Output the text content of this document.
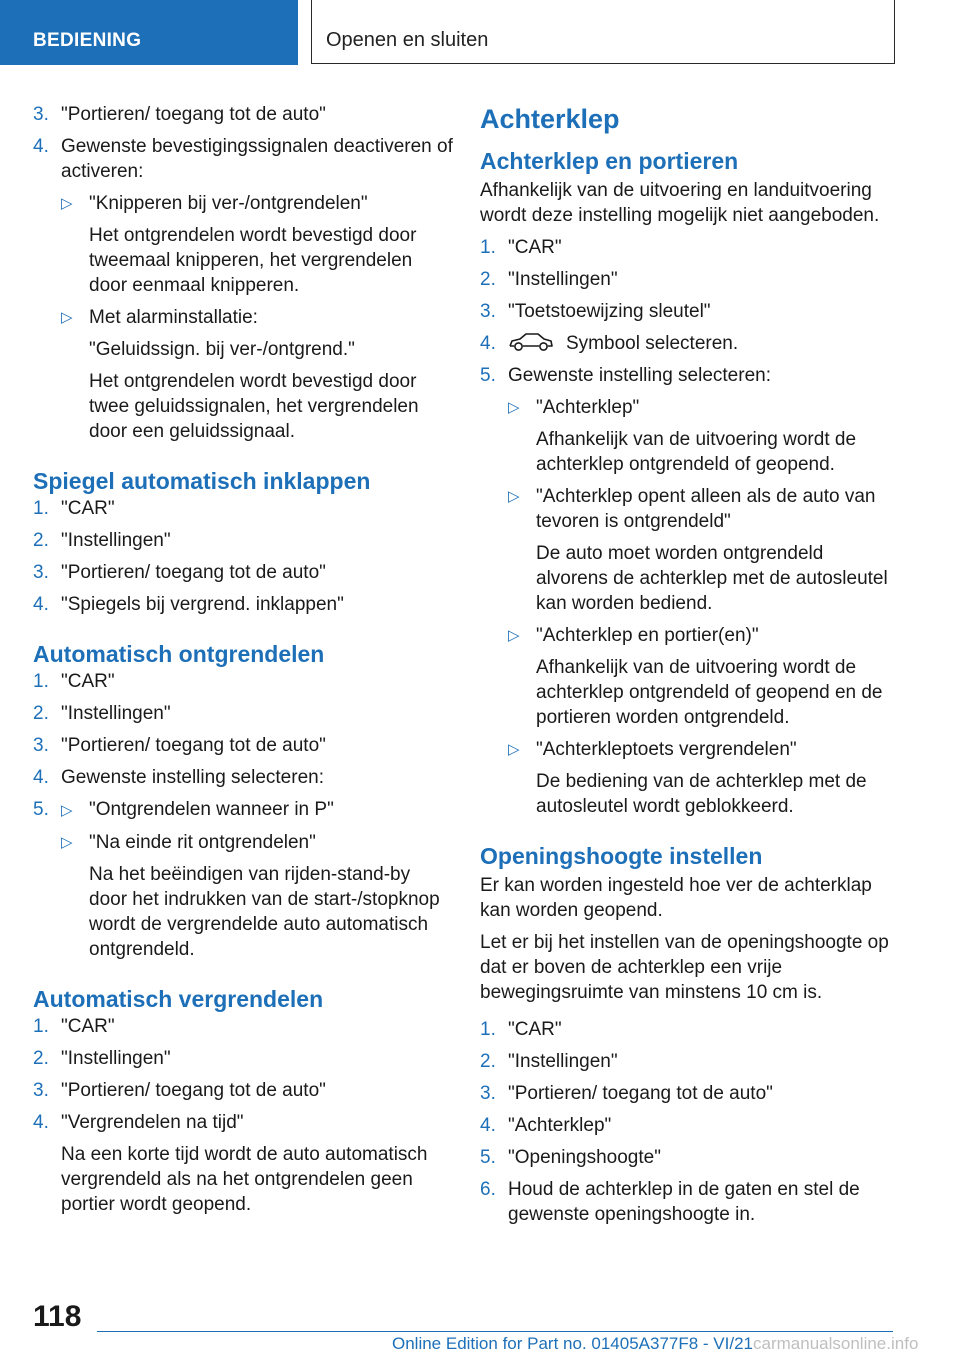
BEDIENING	Openen en sluiten
3. "Portieren/ toegang tot de auto"
4. Gewenste bevestigingssignalen deactiveren of activeren:
▷ "Knipperen bij ver-/ontgrendelen"
Het ontgrendelen wordt bevestigd door tweemaal knipperen, het vergrendelen door eenmaal knipperen.
▷ Met alarminstallatie:
"Geluidssign. bij ver-/ontgrend."
Het ontgrendelen wordt bevestigd door twee geluidssignalen, het vergrendelen door een geluidssignaal.
Spiegel automatisch inklappen
1. "CAR"
2. "Instellingen"
3. "Portieren/ toegang tot de auto"
4. "Spiegels bij vergrend. inklappen"
Automatisch ontgrendelen
1. "CAR"
2. "Instellingen"
3. "Portieren/ toegang tot de auto"
4. Gewenste instelling selecteren:
5. ▷ "Ontgrendelen wanneer in P"
▷ "Na einde rit ontgrendelen"
Na het beëindigen van rijden-stand-by door het indrukken van de start-/stopknop wordt de vergrendelde auto automatisch ontgrendeld.
Automatisch vergrendelen
1. "CAR"
2. "Instellingen"
3. "Portieren/ toegang tot de auto"
4. "Vergrendelen na tijd"
Na een korte tijd wordt de auto automatisch vergrendeld als na het ontgrendelen geen portier wordt geopend.
Achterklep
Achterklep en portieren
Afhankelijk van de uitvoering en landuitvoering wordt deze instelling mogelijk niet aangeboden.
1. "CAR"
2. "Instellingen"
3. "Toetstoewijzing sleutel"
4.	Symbool selecteren.
5. Gewenste instelling selecteren:
▷ "Achterklep"
Afhankelijk van de uitvoering wordt de achterklep ontgrendeld of geopend.
▷ "Achterklep opent alleen als de auto van tevoren is ontgrendeld"
De auto moet worden ontgrendeld alvorens de achterklep met de autosleutel kan worden bediend.
▷ "Achterklep en portier(en)"
Afhankelijk van de uitvoering wordt de achterklep ontgrendeld of geopend en de portieren worden ontgrendeld.
▷ "Achterkleptoets vergrendelen"
De bediening van de achterklep met de autosleutel wordt geblokkeerd.
Openingshoogte instellen
Er kan worden ingesteld hoe ver de achterklap kan worden geopend.
Let er bij het instellen van de openingshoogte op dat er boven de achterklep een vrije bewegingsruimte van minstens 10 cm is.
1. "CAR"
2. "Instellingen"
3. "Portieren/ toegang tot de auto"
4. "Achterklep"
5. "Openingshoogte"
6. Houd de achterklep in de gaten en stel de gewenste openingshoogte in.
118
Online Edition for Part no. 01405A377F8 - VI/21carmanualsonline.info
